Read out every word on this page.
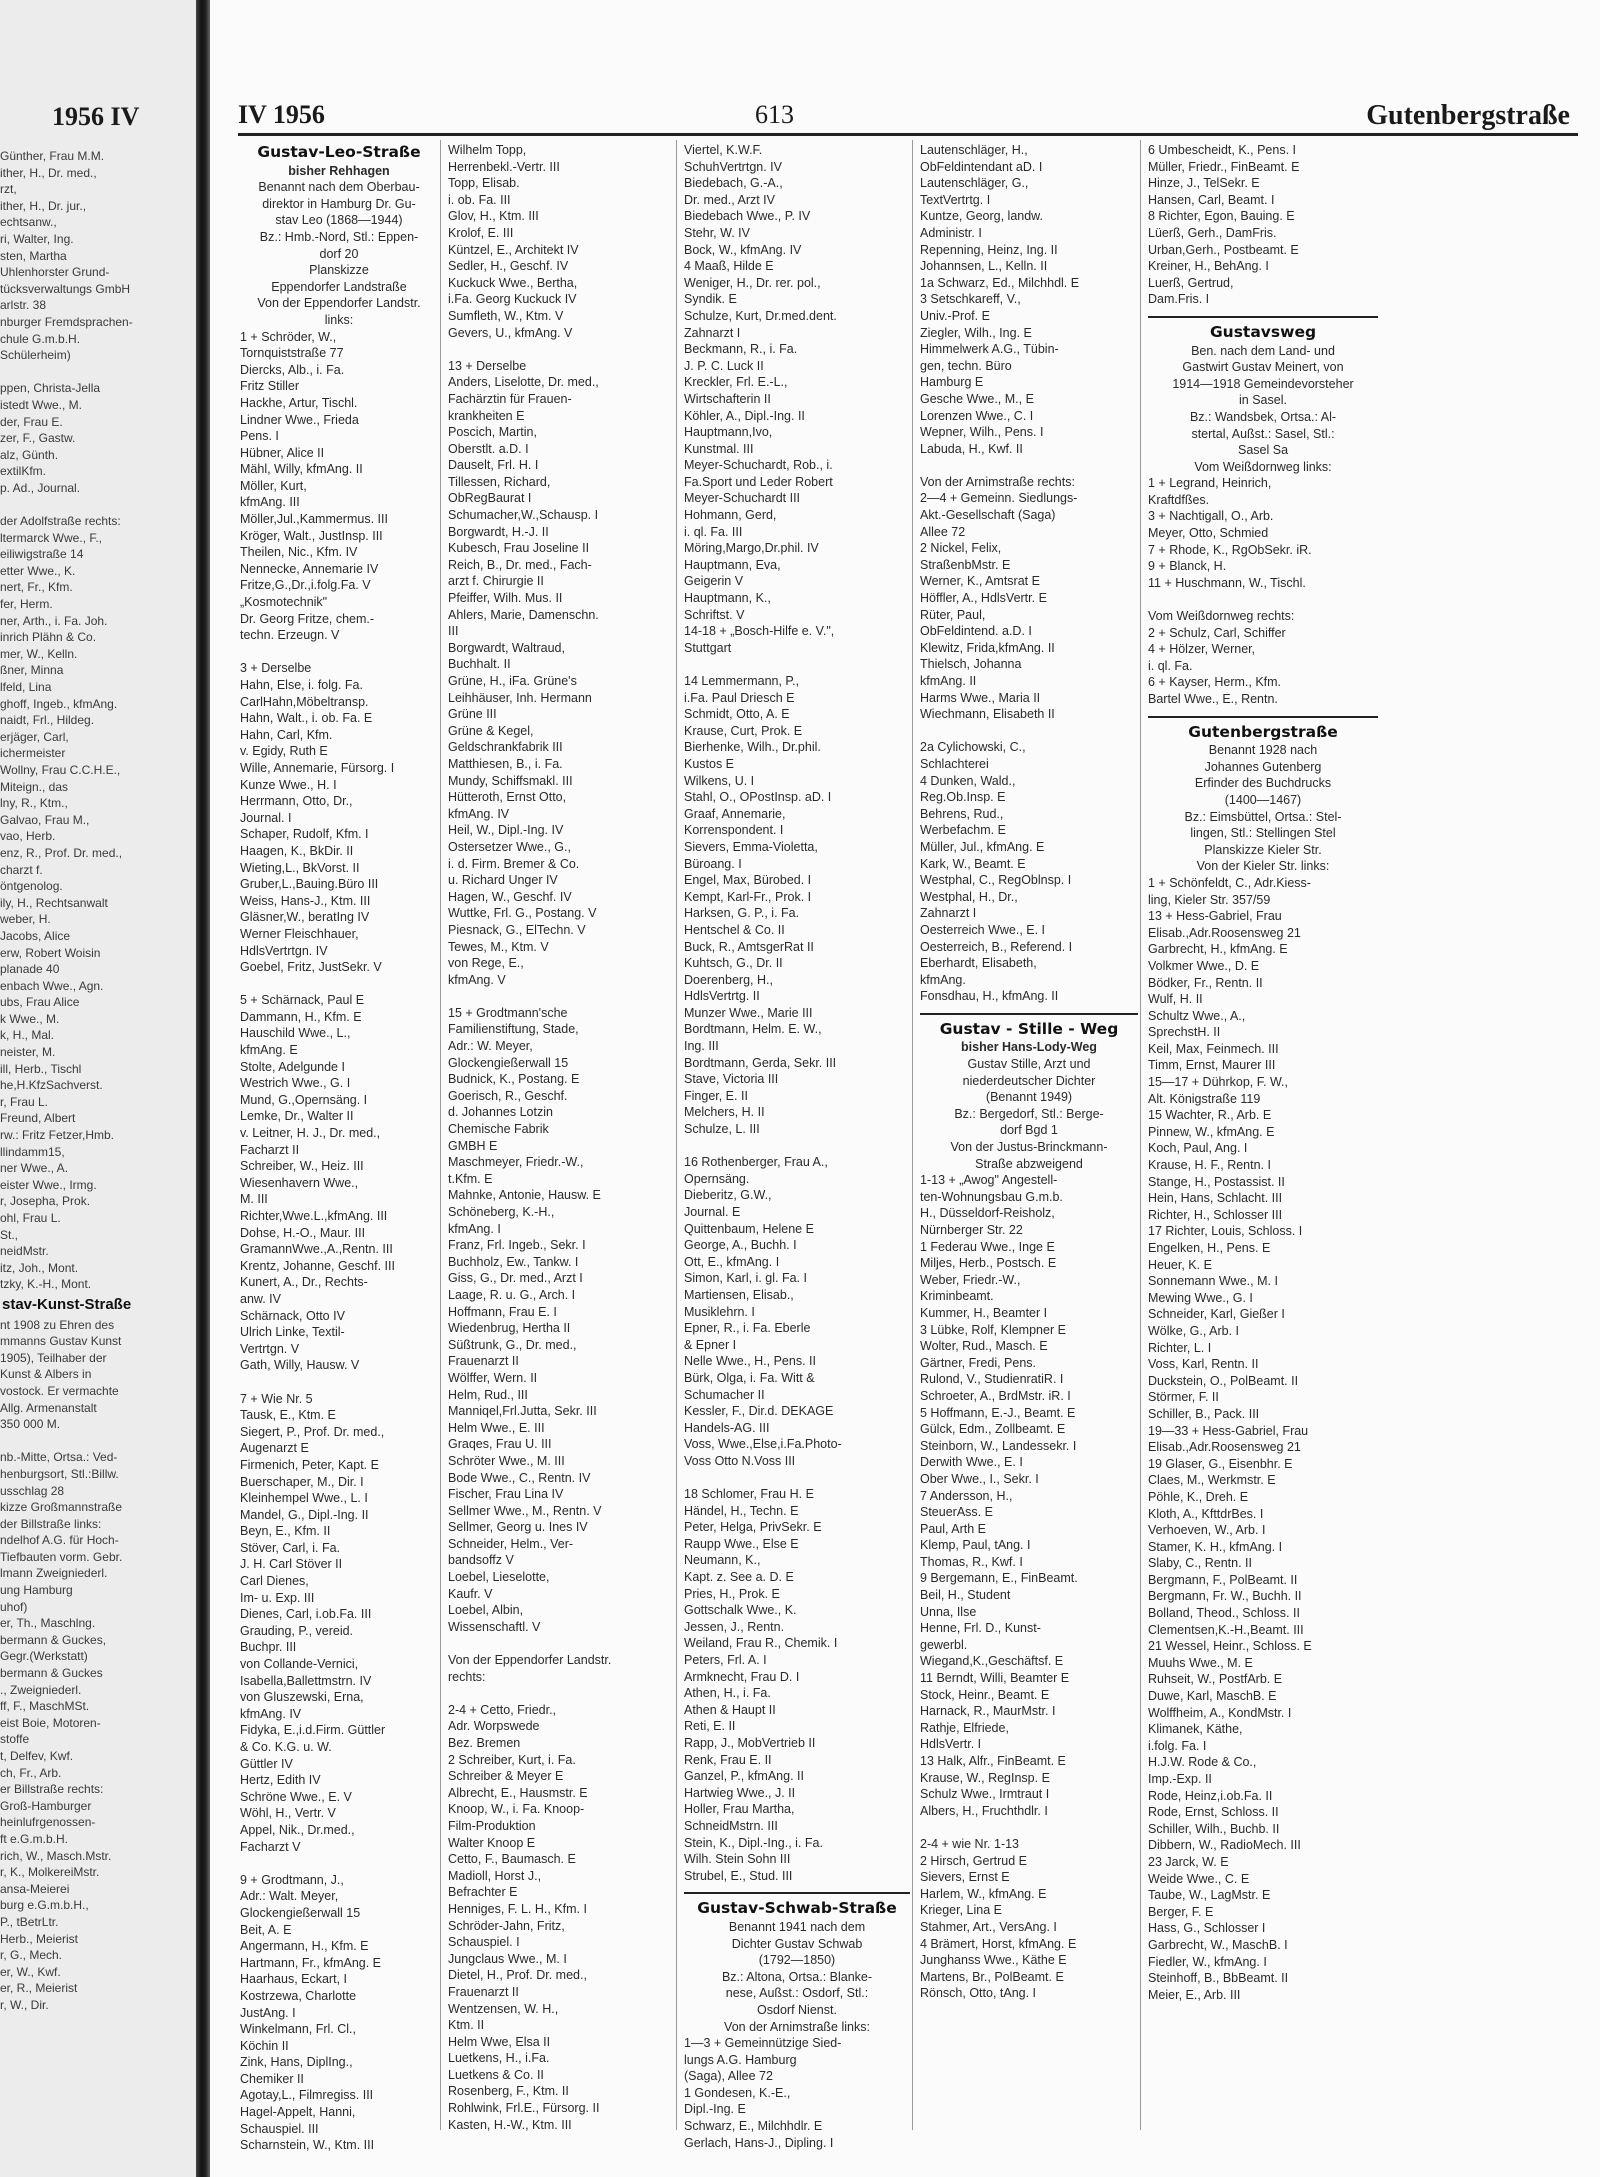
1956 IV
Günther, Frau M.M.
ither, H., Dr. med.,
rzt,
ither, H., Dr. jur.,
echtsanw.,
ri, Walter, Ing.
sten, Martha
Uhlenhorster Grund-
tücksverwaltungs GmbH
arlstr. 38
nburger Fremdsprachen-
chule G.m.b.H.
Schülerheim)

ppen, Christa-Jella
istedt Wwe., M.
der, Frau E.
zer, F., Gastw.
alz, Günth.
extilKfm.
p. Ad., Journal.

der Adolfstraße rechts:
ltermarck Wwe., F.,
eiliwigstraße 14
etter Wwe., K.
nert, Fr., Kfm.
fer, Herm.
ner, Arth., i. Fa. Joh.
inrich Plähn & Co.
mer, W., Kelln.
ßner, Minna
lfeld, Lina
ghoff, Ingeb., kfmAng.
naidt, Frl., Hildeg.
erjäger, Carl,
ichermeister
Wollny, Frau C.C.H.E.,
Miteign., das
lny, R., Ktm.,
Galvao, Frau M.,
vao, Herb.
enz, R., Prof. Dr. med.,
charzt f.
öntgenolog.
ily, H., Rechtsanwalt
weber, H.
Jacobs, Alice
erw, Robert Woisin
planade 40
enbach Wwe., Agn.
ubs, Frau Alice
k Wwe., M.
k, H., Mal.
neister, M.
ill, Herb., Tischl
he,H.KfzSachverst.
r, Frau L.
Freund, Albert
rw.: Fritz Fetzer,Hmb.
llindamm15,
ner Wwe., A.
eister Wwe., Irmg.
r, Josepha, Prok.
ohl, Frau L.
St.,
neidMstr.
itz, Joh., Mont.
tzky, K.-H., Mont.
stav-Kunst-Straße
nt 1908 zu Ehren des
mmanns Gustav Kunst
1905), Teilhaber der
Kunst & Albers in
vostock. Er vermachte
Allg. Armenanstalt
350 000 M.

nb.-Mitte, Ortsa.: Ved-
henburgsort, Stl.:Billw.
usschlag 28
kizze Großmannstraße
der Billstraße links:
ndelhof A.G. für Hoch-
Tiefbauten vorm. Gebr.
lmann Zweigniederl.
ung Hamburg
uhof)
er, Th., Maschlng.
bermann & Guckes,
Gegr.(Werkstatt)
bermann & Guckes
., Zweigniederl.
ff, F., MaschMSt.
eist Boie, Motoren-
stoffe
t, Delfev, Kwf.
ch, Fr., Arb.
er Billstraße rechts:
Groß-Hamburger
heinlufrgenossen-
ft e.G.m.b.H.
rich, W., Masch.Mstr.
r, K., MolkereiMstr.
ansa-Meierei
burg e.G.m.b.H.,
P., tBetrLtr.
Herb., Meierist
r, G., Mech.
er, W., Kwf.
er, R., Meierist
r, W., Dir.
IV 1956	613	Gutenbergstraße
Gustav-Leo-Straße
bisher Rehhagen
Benannt nach dem Oberbau-
direktor in Hamburg Dr. Gu-
stav Leo (1868—1944)
Bz.: Hmb.-Nord, Stl.: Eppen-
dorf 20
Planskizze
Eppendorfer Landstraße
Von der Eppendorfer Landstr.
links:
1 + Schröder, W.,
Tornquiststraße 77
Diercks, Alb., i. Fa.
Fritz Stiller
Hackhe, Artur, Tischl.
Lindner Wwe., Frieda
Pens. I
Hübner, Alice II
Mähl, Willy, kfmAng. II
Möller, Kurt,
kfmAng. III
Möller,Jul.,Kammermus. III
Kröger, Walt., JustInsp. III
Theilen, Nic., Kfm. IV
Nennecke, Annemarie IV
Fritze,G.,Dr.,i.folg.Fa. V
„Kosmotechnik"
Dr. Georg Fritze, chem.-
techn. Erzeugn. V

3 + Derselbe
Hahn, Else, i. folg. Fa.
CarlHahn,Möbeltransp.
Hahn, Walt., i. ob. Fa. E
Hahn, Carl, Kfm.
v. Egidy, Ruth E
Wille, Annemarie, Fürsorg. I
Kunze Wwe., H. I
Herrmann, Otto, Dr.,
Journal. I
Schaper, Rudolf, Kfm. I
Haagen, K., BkDir. II
Wieting,L., BkVorst. II
Gruber,L.,Bauing.Büro III
Weiss, Hans-J., Ktm. III
Gläsner,W., beratIng IV
Werner Fleischhauer,
HdlsVertrtgn. IV
Goebel, Fritz, JustSekr. V

5 + Schärnack, Paul E
Dammann, H., Kfm. E
Hauschild Wwe., L.,
kfmAng. E
Stolte, Adelgunde I
Westrich Wwe., G. I
Mund, G.,Opernsäng. I
Lemke, Dr., Walter II
v. Leitner, H. J., Dr. med.,
Facharzt II
Schreiber, W., Heiz. III
Wiesenhavern Wwe.,
M. III
Richter,Wwe.L.,kfmAng. III
Dohse, H.-O., Maur. III
GramannWwe.,A.,Rentn. III
Krentz, Johanne, Geschf. III
Kunert, A., Dr., Rechts-
anw. IV
Schärnack, Otto IV
Ulrich Linke, Textil-
Vertrtgn. V
Gath, Willy, Hausw. V

7 + Wie Nr. 5
Tausk, E., Ktm. E
Siegert, P., Prof. Dr. med.,
Augenarzt E
Firmenich, Peter, Kapt. E
Buerschaper, M., Dir. I
Kleinhempel Wwe., L. I
Mandel, G., Dipl.-Ing. II
Beyn, E., Kfm. II
Stöver, Carl, i. Fa.
J. H. Carl Stöver II
Carl Dienes,
Im- u. Exp. III
Dienes, Carl, i.ob.Fa. III
Grauding, P., vereid.
Buchpr. III
von Collande-Vernici,
Isabella,Ballettmstrn. IV
von Gluszewski, Erna,
kfmAng. IV
Fidyka, E.,i.d.Firm. Güttler
& Co. K.G. u. W.
Güttler IV
Hertz, Edith IV
Schröne Wwe., E. V
Wöhl, H., Vertr. V
Appel, Nik., Dr.med.,
Facharzt V

9 + Grodtmann, J.,
Adr.: Walt. Meyer,
Glockengießerwall 15
Beit, A. E
Angermann, H., Kfm. E
Hartmann, Fr., kfmAng. E
Haarhaus, Eckart, I
Kostrzewa, Charlotte
JustAng. I
Winkelmann, Frl. Cl.,
Köchin II
Zink, Hans, DiplIng.,
Chemiker II
Agotay,L., Filmregiss. III
Hagel-Appelt, Hanni,
Schauspiel. III
Scharnstein, W., Ktm. III
Wilhelm Topp,
Herrenbekl.-Vertr. III
Topp, Elisab.
i. ob. Fa. III
Glov, H., Ktm. III
Krolof, E. III
Küntzel, E., Architekt IV
Sedler, H., Geschf. IV
Kuckuck Wwe., Bertha,
i.Fa. Georg Kuckuck IV
Sumfleth, W., Ktm. V
Gevers, U., kfmAng. V

13 + Derselbe
Anders, Liselotte, Dr. med.,
Fachärztin für Frauen-
krankheiten E
Poscich, Martin,
Oberstlt. a.D. I
Dauselt, Frl. H. I
Tillessen, Richard,
ObRegBaurat I
Schumacher,W.,Schausp. I
Borgwardt, H.-J. II
Kubesch, Frau Joseline II
Reich, B., Dr. med., Fach-
arzt f. Chirurgie II
Pfeiffer, Wilh. Mus. II
Ahlers, Marie, Damenschn.
III
Borgwardt, Waltraud,
Buchhalt. II
Grüne, H., iFa. Grüne's
Leihhäuser, Inh. Hermann
Grüne III
Grüne & Kegel,
Geldschrankfabrik III
Matthiesen, B., i. Fa.
Mundy, Schiffsmakl. III
Hütteroth, Ernst Otto,
kfmAng. IV
Heil, W., Dipl.-Ing. IV
Ostersetzer Wwe., G.,
i. d. Firm. Bremer & Co.
u. Richard Unger IV
Hagen, W., Geschf. IV
Wuttke, Frl. G., Postang. V
Piesnack, G., ElTechn. V
Tewes, M., Ktm. V
von Rege, E.,
kfmAng. V

15 + Grodtmann'sche
Familienstiftung, Stade,
Adr.: W. Meyer,
Glockengießerwall 15
Budnick, K., Postang. E
Goerisch, R., Geschf.
d. Johannes Lotzin
Chemische Fabrik
GMBH E
Maschmeyer, Friedr.-W.,
t.Kfm. E
Mahnke, Antonie, Hausw. E
Schöneberg, K.-H.,
kfmAng. I
Franz, Frl. Ingeb., Sekr. I
Buchholz, Ew., Tankw. I
Giss, G., Dr. med., Arzt I
Laage, R. u. G., Arch. I
Hoffmann, Frau E. I
Wiedenbrug, Hertha II
Süßtrunk, G., Dr. med.,
Frauenarzt II
Wölffer, Wern. II
Helm, Rud., III
Manniqel,Frl.Jutta, Sekr. III
Helm Wwe., E. III
Graqes, Frau U. III
Schröter Wwe., M. III
Bode Wwe., C., Rentn. IV
Fischer, Frau Lina IV
Sellmer Wwe., M., Rentn. V
Sellmer, Georg u. Ines IV
Schneider, Helm., Ver-
bandsoffz V
Loebel, Lieselotte,
Kaufr. V
Loebel, Albin,
Wissenschaftl. V

Von der Eppendorfer Landstr.
rechts:

2-4 + Cetto, Friedr.,
Adr. Worpswede
Bez. Bremen
2 Schreiber, Kurt, i. Fa.
Schreiber & Meyer E
Albrecht, E., Hausmstr. E
Knoop, W., i. Fa. Knoop-
Film-Produktion
Walter Knoop E
Cetto, F., Baumasch. E
Madioll, Horst J.,
Befrachter E
Henniges, F. L. H., Kfm. I
Schröder-Jahn, Fritz,
Schauspiel. I
Jungclaus Wwe., M. I
Dietel, H., Prof. Dr. med.,
Frauenarzt II
Wentzensen, W. H.,
Ktm. II
Helm Wwe, Elsa II
Luetkens, H., i.Fa.
Luetkens & Co. II
Rosenberg, F., Ktm. II
Rohlwink, Frl.E., Fürsorg. II
Kasten, H.-W., Ktm. III
Viertel, K.W.F.
SchuhVertrtgn. IV
Biedebach, G.-A.,
Dr. med., Arzt IV
Biedebach Wwe., P. IV
Stehr, W. IV
Bock, W., kfmAng. IV
4 Maaß, Hilde E
Weniger, H., Dr. rer. pol.,
Syndik. E
Schulze, Kurt, Dr.med.dent.
Zahnarzt I
Beckmann, R., i. Fa.
J. P. C. Luck II
Kreckler, Frl. E.-L.,
Wirtschafterin II
Köhler, A., Dipl.-Ing. II
Hauptmann,Ivo,
Kunstmal. III
Meyer-Schuchardt, Rob., i.
Fa.Sport und Leder Robert
Meyer-Schuchardt III
Hohmann, Gerd,
i. ql. Fa. III
Möring,Margo,Dr.phil. IV
Hauptmann, Eva,
Geigerin V
Hauptmann, K.,
Schriftst. V
14-18 + „Bosch-Hilfe e. V.",
Stuttgart

14 Lemmermann, P.,
i.Fa. Paul Driesch E
Schmidt, Otto, A. E
Krause, Curt, Prok. E
Bierhenke, Wilh., Dr.phil.
Kustos E
Wilkens, U. I
Stahl, O., OPostInsp. aD. I
Graaf, Annemarie,
Korrenspondent. I
Sievers, Emma-Violetta,
Büroang. I
Engel, Max, Bürobed. I
Kempt, Karl-Fr., Prok. I
Harksen, G. P., i. Fa.
Hentschel & Co. II
Buck, R., AmtsgerRat II
Kuhtsch, G., Dr. II
Doerenberg, H.,
HdlsVertrtg. II
Munzer Wwe., Marie III
Bordtmann, Helm. E. W.,
Ing. III
Bordtmann, Gerda, Sekr. III
Stave, Victoria III
Finger, E. II
Melchers, H. II
Schulze, L. III

16 Rothenberger, Frau A.,
Opernsäng.
Dieberitz, G.W.,
Journal. E
Quittenbaum, Helene E
George, A., Buchh. I
Ott, E., kfmAng. I
Simon, Karl, i. gl. Fa. I
Martiensen, Elisab.,
Musiklehrn. I
Epner, R., i. Fa. Eberle
& Epner I
Nelle Wwe., H., Pens. II
Bürk, Olga, i. Fa. Witt &
Schumacher II
Kessler, F., Dir.d. DEKAGE
Handels-AG. III
Voss, Wwe.,Else,i.Fa.Photo-
Voss Otto N.Voss III

18 Schlomer, Frau H. E
Händel, H., Techn. E
Peter, Helga, PrivSekr. E
Raupp Wwe., Else E
Neumann, K.,
Kapt. z. See a. D. E
Pries, H., Prok. E
Gottschalk Wwe., K.
Jessen, J., Rentn.
Weiland, Frau R., Chemik. I
Peters, Frl. A. I
Armknecht, Frau D. I
Athen, H., i. Fa.
Athen & Haupt II
Reti, E. II
Rapp, J., MobVertrieb II
Renk, Frau E. II
Ganzel, P., kfmAng. II
Hartwieg Wwe., J. II
Holler, Frau Martha,
SchneidMstrn. III
Stein, K., Dipl.-Ing., i. Fa.
Wilh. Stein Sohn III
Strubel, E., Stud. III
Gustav-Schwab-Straße
Benannt 1941 nach dem
Dichter Gustav Schwab
(1792—1850)
Bz.: Altona, Ortsa.: Blanke-
nese, Außst.: Osdorf, Stl.:
Osdorf Nienst.
Von der Arnimstraße links:
1—3 + Gemeinnützige Sied-
lungs A.G. Hamburg
(Saga), Allee 72
1 Gondesen, K.-E.,
Dipl.-Ing. E
Schwarz, E., Milchhdlr. E
Gerlach, Hans-J., Dipling. I
Lautenschläger, H.,
ObFeldintendant aD. I
Lautenschläger, G.,
TextVertrtg. I
Kuntze, Georg, landw.
Administr. I
Repenning, Heinz, Ing. II
Johannsen, L., Kelln. II
1a Schwarz, Ed., Milchhdl. E
3 Setschkareff, V.,
Univ.-Prof. E
Ziegler, Wilh., Ing. E
Himmelwerk A.G., Tübin-
gen, techn. Büro
Hamburg E
Gesche Wwe., M., E
Lorenzen Wwe., C. I
Wepner, Wilh., Pens. I
Labuda, H., Kwf. II

Von der Arnimstraße rechts:
2—4 + Gemeinn. Siedlungs-
Akt.-Gesellschaft (Saga)
Allee 72
2 Nickel, Felix,
StraßenbMstr. E
Werner, K., Amtsrat E
Höffler, A., HdlsVertr. E
Rüter, Paul,
ObFeldintend. a.D. I
Klewitz, Frida,kfmAng. II
Thielsch, Johanna
kfmAng. II
Harms Wwe., Maria II
Wiechmann, Elisabeth II

2a Cylichowski, C.,
Schlachterei
4 Dunken, Wald.,
Reg.Ob.Insp. E
Behrens, Rud.,
Werbefachm. E
Müller, Jul., kfmAng. E
Kark, W., Beamt. E
Westphal, C., RegOblnsp. I
Westphal, H., Dr.,
Zahnarzt I
Oesterreich Wwe., E. I
Oesterreich, B., Referend. I
Eberhardt, Elisabeth,
kfmAng.
Fonsdhau, H., kfmAng. II
Gustav - Stille - Weg
bisher Hans-Lody-Weg
Gustav Stille, Arzt und
niederdeutscher Dichter
(Benannt 1949)
Bz.: Bergedorf, Stl.: Berge-
dorf Bgd 1
Von der Justus-Brinckmann-
Straße abzweigend
1-13 + „Awog" Angestell-
ten-Wohnungsbau G.m.b.
H., Düsseldorf-Reisholz,
Nürnberger Str. 22
1 Federau Wwe., Inge E
Miljes, Herb., Postsch. E
Weber, Friedr.-W.,
Kriminbeamt.
Kummer, H., Beamter I
3 Lübke, Rolf, Klempner E
Wolter, Rud., Masch. E
Gärtner, Fredi, Pens.
Rulond, V., StudienratiR. I
Schroeter, A., BrdMstr. iR. I
5 Hoffmann, E.-J., Beamt. E
Gülck, Edm., Zollbeamt. E
Steinborn, W., Landessekr. I
Derwith Wwe., E. I
Ober Wwe., I., Sekr. I
7 Andersson, H.,
SteuerAss. E
Paul, Arth E
Klemp, Paul, tAng. I
Thomas, R., Kwf. I
9 Bergemann, E., FinBeamt.
Beil, H., Student
Unna, Ilse
Henne, Frl. D., Kunst-
gewerbl.
Wiegand,K.,Geschäftsf. E
11 Berndt, Willi, Beamter E
Stock, Heinr., Beamt. E
Harnack, R., MaurMstr. I
Rathje, Elfriede,
HdlsVertr. I
13 Halk, Alfr., FinBeamt. E
Krause, W., RegInsp. E
Schulz Wwe., Irmtraut I
Albers, H., Fruchthdlr. I

2-4 + wie Nr. 1-13
2 Hirsch, Gertrud E
Sievers, Ernst E
Harlem, W., kfmAng. E
Krieger, Lina E
Stahmer, Art., VersAng. I
4 Brämert, Horst, kfmAng. E
Junghanss Wwe., Käthe E
Martens, Br., PolBeamt. E
Rönsch, Otto, tAng. I
6 Umbescheidt, K., Pens. I
Müller, Friedr., FinBeamt. E
Hinze, J., TelSekr. E
Hansen, Carl, Beamt. I
8 Richter, Egon, Bauing. E
Lüerß, Gerh., DamFris.
Urban,Gerh., Postbeamt. E
Kreiner, H., BehAng. I
Luerß, Gertrud,
Dam.Fris. I
Gustavsweg
Ben. nach dem Land- und
Gastwirt Gustav Meinert, von
1914—1918 Gemeindevorsteher
in Sasel.
Bz.: Wandsbek, Ortsa.: Al-
stertal, Außst.: Sasel, Stl.:
Sasel Sa
Vom Weißdornweg links:
1 + Legrand, Heinrich,
Kraftdfßes.
3 + Nachtigall, O., Arb.
Meyer, Otto, Schmied
7 + Rhode, K., RgObSekr. iR.
9 + Blanck, H.
11 + Huschmann, W., Tischl.

Vom Weißdornweg rechts:
2 + Schulz, Carl, Schiffer
4 + Hölzer, Werner,
i. ql. Fa.
6 + Kayser, Herm., Kfm.
Bartel Wwe., E., Rentn.
Gutenbergstraße
Benannt 1928 nach
Johannes Gutenberg
Erfinder des Buchdrucks
(1400—1467)
Bz.: Eimsbüttel, Ortsa.: Stel-
lingen, Stl.: Stellingen Stel
Planskizze Kieler Str.
Von der Kieler Str. links:
1 + Schönfeldt, C., Adr.Kiess-
ling, Kieler Str. 357/59
13 + Hess-Gabriel, Frau
Elisab.,Adr.Roosensweg 21
Garbrecht, H., kfmAng. E
Volkmer Wwe., D. E
Bödker, Fr., Rentn. II
Wulf, H. II
Schultz Wwe., A.,
SprechstH. II
Keil, Max, Feinmech. III
Timm, Ernst, Maurer III
15—17 + Dührkop, F. W.,
Alt. Königstraße 119
15 Wachter, R., Arb. E
Pinnew, W., kfmAng. E
Koch, Paul, Ang. I
Krause, H. F., Rentn. I
Stange, H., Postassist. II
Hein, Hans, Schlacht. III
Richter, H., Schlosser III
17 Richter, Louis, Schloss. I
Engelken, H., Pens. E
Heuer, K. E
Sonnemann Wwe., M. I
Mewing Wwe., G. I
Schneider, Karl, Gießer I
Wölke, G., Arb. I
Richter, L. I
Voss, Karl, Rentn. II
Duckstein, O., PolBeamt. II
Störmer, F. II
Schiller, B., Pack. III
19—33 + Hess-Gabriel, Frau
Elisab.,Adr.Roosensweg 21
19 Glaser, G., Eisenbhr. E
Claes, M., Werkmstr. E
Pöhle, K., Dreh. E
Kloth, A., KfttdrBes. I
Verhoeven, W., Arb. I
Stamer, K. H., kfmAng. I
Slaby, C., Rentn. II
Bergmann, F., PolBeamt. II
Bergmann, Fr. W., Buchh. II
Bolland, Theod., Schloss. II
Clementsen,K.-H.,Beamt. III
21 Wessel, Heinr., Schloss. E
Muuhs Wwe., M. E
Ruhseit, W., PostfArb. E
Duwe, Karl, MaschB. E
Wolffheim, A., KondMstr. I
Klimanek, Käthe,
i.folg. Fa. I
H.J.W. Rode & Co.,
Imp.-Exp. II
Rode, Heinz,i.ob.Fa. II
Rode, Ernst, Schloss. II
Schiller, Wilh., Buchb. II
Dibbern, W., RadioMech. III
23 Jarck, W. E
Weide Wwe., C. E
Taube, W., LagMstr. E
Berger, F. E
Hass, G., Schlosser I
Garbrecht, W., MaschB. I
Fiedler, W., kfmAng. I
Steinhoff, B., BbBeamt. II
Meier, E., Arb. III
